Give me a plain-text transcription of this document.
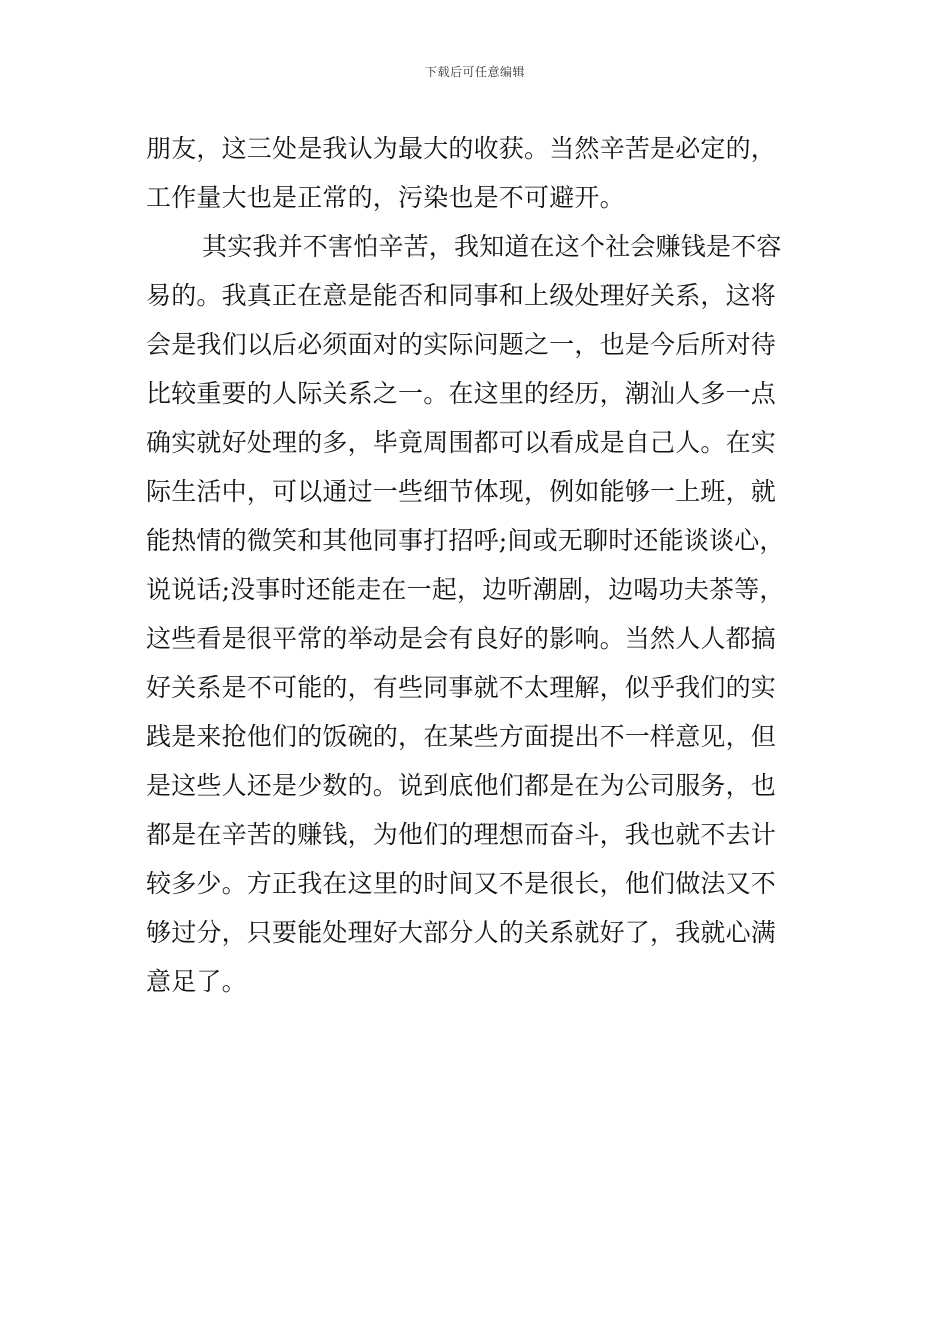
下载后可任意编辑
朋友，这三处是我认为最大的收获。当然辛苦是必定的，
工作量大也是正常的，污染也是不可避开。
其实我并不害怕辛苦，我知道在这个社会赚钱是不容
易的。我真正在意是能否和同事和上级处理好关系，这将
会是我们以后必须面对的实际问题之一，也是今后所对待
比较重要的人际关系之一。在这里的经历，潮汕人多一点
确实就好处理的多，毕竟周围都可以看成是自己人。在实
际生活中，可以通过一些细节体现，例如能够一上班，就
能热情的微笑和其他同事打招呼;间或无聊时还能谈谈心，
说说话;没事时还能走在一起，边听潮剧，边喝功夫茶等，
这些看是很平常的举动是会有良好的影响。当然人人都搞
好关系是不可能的，有些同事就不太理解，似乎我们的实
践是来抢他们的饭碗的，在某些方面提出不一样意见，但
是这些人还是少数的。说到底他们都是在为公司服务，也
都是在辛苦的赚钱，为他们的理想而奋斗，我也就不去计
较多少。方正我在这里的时间又不是很长，他们做法又不
够过分，只要能处理好大部分人的关系就好了，我就心满
意足了。
